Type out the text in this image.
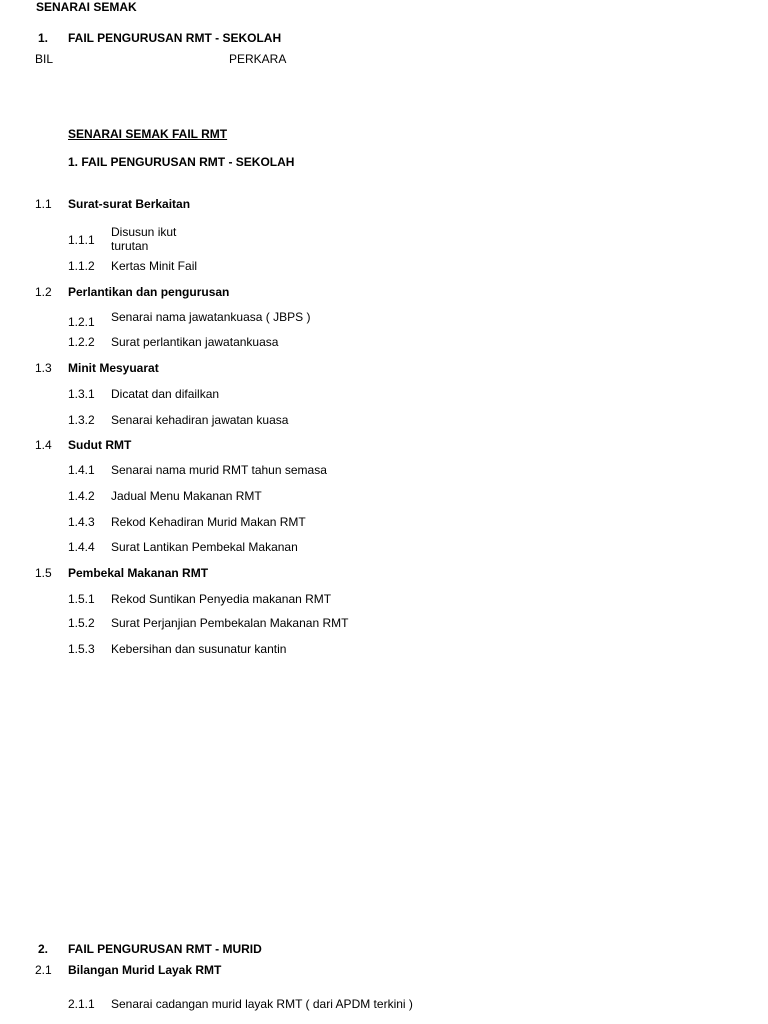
SENARAI SEMAK
1. FAIL PENGURUSAN RMT - SEKOLAH
BIL	PERKARA
SENARAI SEMAK FAIL RMT
1. FAIL PENGURUSAN RMT - SEKOLAH
1.1 Surat-surat Berkaitan
1.1.1
Disusun ikut
turutan
1.1.2 Kertas Minit Fail
1.2 Perlantikan dan pengurusan
1.2.1 Senarai nama jawatankuasa ( JBPS )
1.2.2 Surat perlantikan jawatankuasa
1.3 Minit Mesyuarat
1.3.1 Dicatat dan difailkan
1.3.2 Senarai kehadiran jawatan kuasa
1.4 Sudut RMT
1.4.1 Senarai nama murid RMT tahun semasa
1.4.2 Jadual Menu Makanan RMT
1.4.3 Rekod Kehadiran Murid Makan RMT
1.4.4 Surat Lantikan Pembekal Makanan
1.5 Pembekal Makanan RMT
1.5.1 Rekod Suntikan Penyedia makanan RMT
1.5.2 Surat Perjanjian Pembekalan Makanan RMT
1.5.3 Kebersihan dan susunatur kantin
2. FAIL PENGURUSAN RMT - MURID
2.1 Bilangan Murid Layak RMT
2.1.1 Senarai cadangan murid layak RMT ( dari APDM terkini )
